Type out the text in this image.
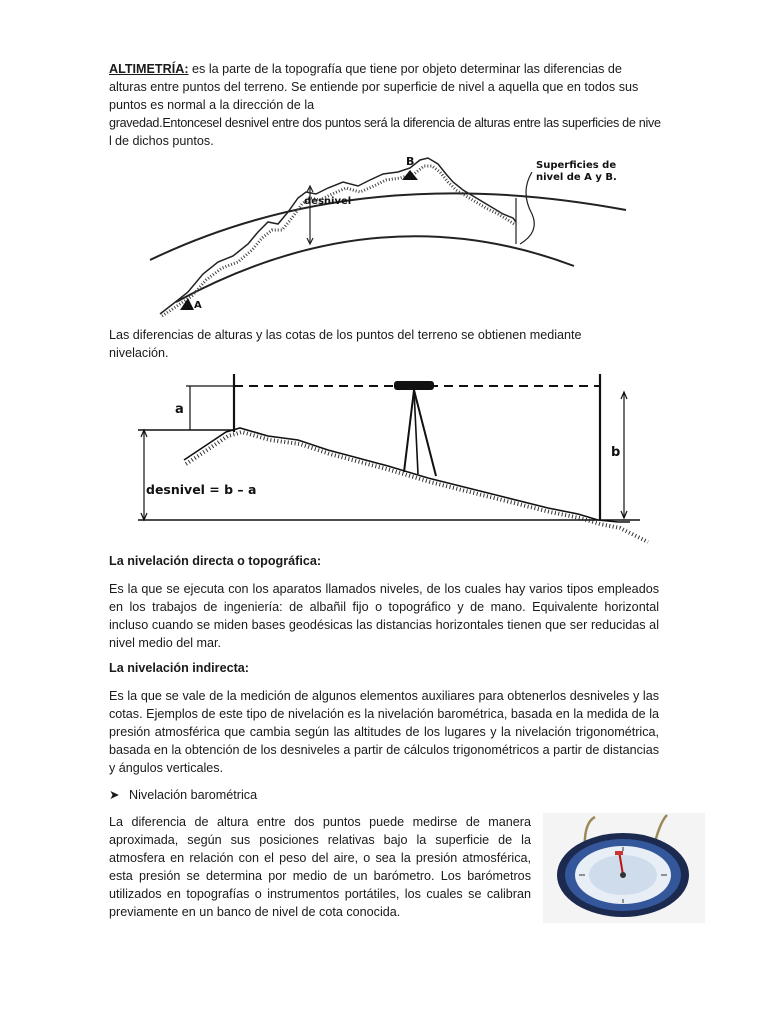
ALTIMETRÍA: es la parte de la topografía que tiene por objeto determinar las diferencias de alturas entre puntos del terreno. Se entiende por superficie de nivel a aquella que en todos sus puntos es normal a la dirección de la
gravedad.Entoncesel desnivel entre dos puntos será la diferencia de alturas entre las superficies de nivel de dichos puntos.

desnivel
B
A
Superficies de
nivel de A y B.

Las diferencias de alturas y las cotas de los puntos del terreno se obtienen mediante nivelación.

a
desnivel = b – a
b

La nivelación directa o topográfica:

Es la que se ejecuta con los aparatos llamados niveles, de los cuales hay varios tipos empleados en los trabajos de ingeniería: de albañil fijo o topográfico y de mano. Equivalente horizontal incluso cuando se miden bases geodésicas las distancias horizontales tienen que ser reducidas al nivel medio del mar.

La nivelación indirecta:

Es la que se vale de la medición de algunos elementos auxiliares para obtenerlos desniveles y las cotas. Ejemplos de este tipo de nivelación es la nivelación barométrica, basada en la medida de la presión atmosférica que cambia según las altitudes de los lugares y la nivelación trigonométrica, basada en la obtención de los desniveles a partir de cálculos trigonométricos a partir de distancias y ángulos verticales.

➤ Nivelación barométrica

La diferencia de altura entre dos puntos puede medirse de manera aproximada, según sus posiciones relativas bajo la superficie de la atmosfera en relación con el peso del aire, o sea la presión atmosférica, esta presión se determina por medio de un barómetro. Los barómetros utilizados en topografías o instrumentos portátiles, los cuales se calibran previamente en un banco de nivel de cota conocida.
